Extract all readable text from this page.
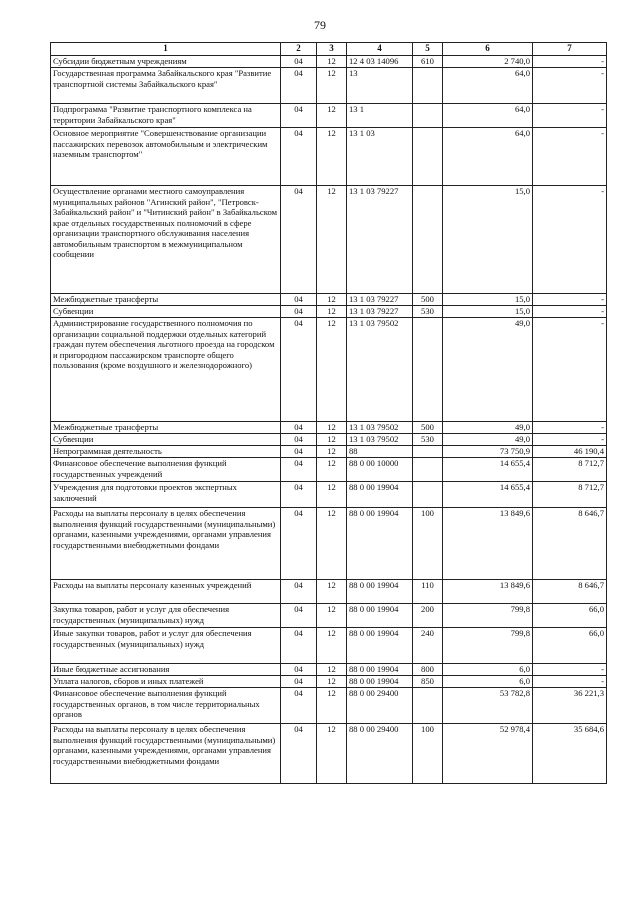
79
1	2	3	4	5	6	7
Субсидии бюджетным учреждениям	04	12	12 4 03 14096	610	2 740,0	-
Государственная программа Забайкальского края "Развитие транспортной системы Забайкальского края"	04	12	13		64,0	-
Подпрограмма "Развитие транспортного комплекса на территории Забайкальского края"	04	12	13 1		64,0	-
Основное мероприятие "Совершенствование организации пассажирских перевозок автомобильным и электрическим наземным транспортом"	04	12	13 1 03		64,0	-
Осуществление органами местного самоуправления муниципальных районов "Агинский район", "Петровск-Забайкальский район" и "Читинский район" в Забайкальском крае отдельных государственных полномочий в сфере организации транспортного обслуживания населения автомобильным транспортом в межмуниципальном сообщении	04	12	13 1 03 79227		15,0	-
Межбюджетные трансферты	04	12	13 1 03 79227	500	15,0	-
Субвенции	04	12	13 1 03 79227	530	15,0	-
Администрирование государственного полномочия по организации социальной поддержки отдельных категорий граждан путем обеспечения льготного проезда на городском и пригородном пассажирском транспорте общего пользования (кроме воздушного и железнодорожного)	04	12	13 1 03 79502		49,0	-
Межбюджетные трансферты	04	12	13 1 03 79502	500	49,0	-
Субвенции	04	12	13 1 03 79502	530	49,0	-
Непрограммная деятельность	04	12	88		73 750,9	46 190,4
Финансовое обеспечение выполнения функций государственных учреждений	04	12	88 0 00 10000		14 655,4	8 712,7
Учреждения для подготовки проектов экспертных заключений	04	12	88 0 00 19904		14 655,4	8 712,7
Расходы на выплаты персоналу в целях обеспечения выполнения функций государственными (муниципальными) органами, казенными учреждениями, органами управления государственными внебюджетными фондами	04	12	88 0 00 19904	100	13 849,6	8 646,7
Расходы на выплаты персоналу казенных учреждений	04	12	88 0 00 19904	110	13 849,6	8 646,7
Закупка товаров, работ и услуг для обеспечения государственных (муниципальных) нужд	04	12	88 0 00 19904	200	799,8	66,0
Иные закупки товаров, работ и услуг для обеспечения государственных (муниципальных) нужд	04	12	88 0 00 19904	240	799,8	66,0
Иные бюджетные ассигнования	04	12	88 0 00 19904	800	6,0	-
Уплата налогов, сборов и иных платежей	04	12	88 0 00 19904	850	6,0	-
Финансовое обеспечение выполнения функций государственных органов, в том числе территориальных органов	04	12	88 0 00 29400		53 782,8	36 221,3
Расходы на выплаты персоналу в целях обеспечения выполнения функций государственными (муниципальными) органами, казенными учреждениями, органами управления государственными внебюджетными фондами	04	12	88 0 00 29400	100	52 978,4	35 684,6
